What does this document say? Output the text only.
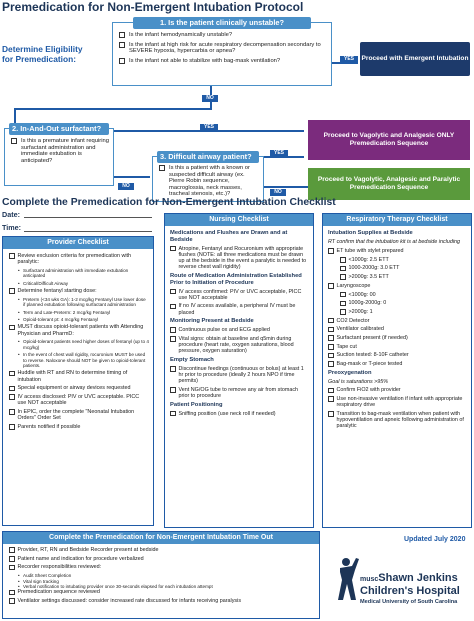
Premedication for Non-Emergent Intubation Protocol
Determine Eligibility for Premedication:
1. Is the patient clinically unstable?
Is the infant hemodynamically unstable?
Is the infant at high risk for acute respiratory decompensation secondary to SEVERE hypoxia, hypercarbia or apnea?
Is the infant not able to stabilize with bag-mask ventilation?	YES	Proceed with Emergent Intubation
NO
2. In-And-Out surfactant?
Is this a premature infant requiring surfactant administration and immediate extubation is anticipated?
YES
Proceed to Vagolytic and Analgesic ONLY Premedication Sequence
NO
3. Difficult airway patient?
Is this a patient with a known or suspected difficult airway (ex. Pierre Robin sequence, macroglossia, neck masses, tracheal stenosis, etc.)?
YES
NO
Proceed to Vagolytic, Analgesic and Paralytic Premedication Sequence
Complete the Premedication for Non-Emergent Intubation Checklist
Date:
Time:
Provider Checklist
Review exclusion criteria for premedication with paralytic:
• Surfactant administration with immediate extubation anticipated
• Critical/Difficult Airway
Determine fentanyl starting dose:
• Preterm (<34 wks GA): 1-2 mcg/kg Fentanyl Use lower dose if planned extubation following surfactant administration
• Term and Late-Preterm: 2 mcg/kg Fentanyl
• Opioid-tolerant pt: 4 mcg/kg Fentanyl
MUST discuss opioid-tolerant patients with Attending Physician and PharmD:
• Opioid-tolerant patients need higher doses of fentanyl (up to 4 mcg/kg)
• In the event of chest wall rigidity, rocuronium MUST be used to reverse. Naloxone should NOT be given to opioid-tolerant patients.
Huddle with RT and RN to determine timing of intubation
Special equipment or airway devices requested
IV access disclosed: PIV or UVC acceptable. PICC use NOT acceptable
In EPIC, order the complete "Neonatal Intubation Orders" Order Set
Parents notified if possible
Nursing Checklist
Medications and Flushes are Drawn and at Bedside
Atropine, Fentanyl and Rocuronium with appropriate flushes (NOTE: all three medications must be drawn up at the bedside in the event a paralytic is needed to reverse chest wall rigidity)
Route of Medication Administration Established Prior to Initiation of Procedure
IV access confirmed: PIV or UVC acceptable, PICC use NOT acceptable
If no IV access available, a peripheral IV must be placed
Monitoring Present at Bedside
Continuous pulse ox and ECG applied
Vital signs: obtain at baseline and q5min during procedure (heart rate, oxygen saturations, blood pressure, oxygen saturation)
Empty Stomach
Discontinue feedings (continuous or bolus) at least 1 hr prior to procedure (ideally 2 hours NPO if time permits)
Vent NG/OG tube to remove any air from stomach prior to procedure
Patient Positioning
Sniffing position (use neck roll if needed)
Respiratory Therapy Checklist
Intubation Supplies at Bedside
RT confirm that the intubation kit is at bedside including
ET tube with stylet prepared
<1000g: 2.5 ETT
1000-2000g: 3.0 ETT
>2000g: 3.5 ETT
Laryngoscope
<1000g: 00
1000g-2000g: 0
>2000g: 1
CO2 Detector
Ventilator calibrated
Surfactant present (if needed)
Tape cut
Suction tested: 8-10F catheter
Bag-mask or T-piece tested
Preoxygenation
Goal is saturations >95%
Confirm FiO2 with provider
Use non-invasive ventilation if infant with appropriate respiratory drive
Transition to bag-mask ventilation when patient with hypoventilation and apneic following administration of paralytic
Complete the Premedication for Non-Emergent Intubation Time Out
Provider, RT, RN and Bedside Recorder present at bedside
Patient name and indication for procedure verbalized
Recorder responsibilities reviewed:
• Audit Sheet Completion
• Vital sign tracking
• Verbal notification to intubating provider once 30-seconds elapsed for each intubation attempt
Premedication sequence reviewed
Ventilator settings discussed: consider increased rate discussed for infants receiving paralysis
Updated July 2020
muscShawn Jenkins
Children's Hospital
Medical University of South Carolina
